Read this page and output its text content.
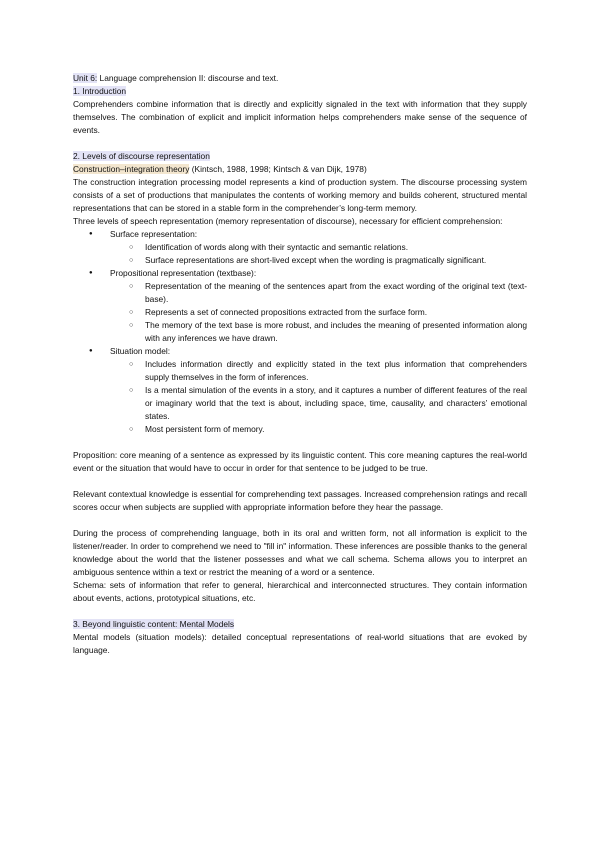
Unit 6: Language comprehension II: discourse and text.

1. Introduction

Comprehenders combine information that is directly and explicitly signaled in the text with information that they supply themselves. The combination of explicit and implicit information helps comprehenders make sense of the sequence of events.

2. Levels of discourse representation

Construction–integration theory (Kintsch, 1988, 1998; Kintsch & van Dijk, 1978)

The construction integration processing model represents a kind of production system. The discourse processing system consists of a set of productions that manipulates the contents of working memory and builds coherent, structured mental representations that can be stored in a stable form in the comprehender’s long-term memory.

Three levels of speech representation (memory representation of discourse), necessary for efficient comprehension:

● Surface representation:
○ Identification of words along with their syntactic and semantic relations.
○ Surface representations are short-lived except when the wording is pragmatically significant.
● Propositional representation (textbase):
○ Representation of the meaning of the sentences apart from the exact wording of the original text (text-base).
○ Represents a set of connected propositions extracted from the surface form.
○ The memory of the text base is more robust, and includes the meaning of presented information along with any inferences we have drawn.
● Situation model:
○ Includes information directly and explicitly stated in the text plus information that comprehenders supply themselves in the form of inferences.
○ Is a mental simulation of the events in a story, and it captures a number of different features of the real or imaginary world that the text is about, including space, time, causality, and characters’ emotional states.
○ Most persistent form of memory.

Proposition: core meaning of a sentence as expressed by its linguistic content. This core meaning captures the real-world event or the situation that would have to occur in order for that sentence to be judged to be true.

Relevant contextual knowledge is essential for comprehending text passages. Increased comprehension ratings and recall scores occur when subjects are supplied with appropriate information before they hear the passage.

During the process of comprehending language, both in its oral and written form, not all information is explicit to the listener/reader. In order to comprehend we need to "fill in" information. These inferences are possible thanks to the general knowledge about the world that the listener possesses and what we call schema. Schema allows you to interpret an ambiguous sentence within a text or restrict the meaning of a word or a sentence.

Schema: sets of information that refer to general, hierarchical and interconnected structures. They contain information about events, actions, prototypical situations, etc.

3. Beyond linguistic content: Mental Models

Mental models (situation models): detailed conceptual representations of real-world situations that are evoked by language.
